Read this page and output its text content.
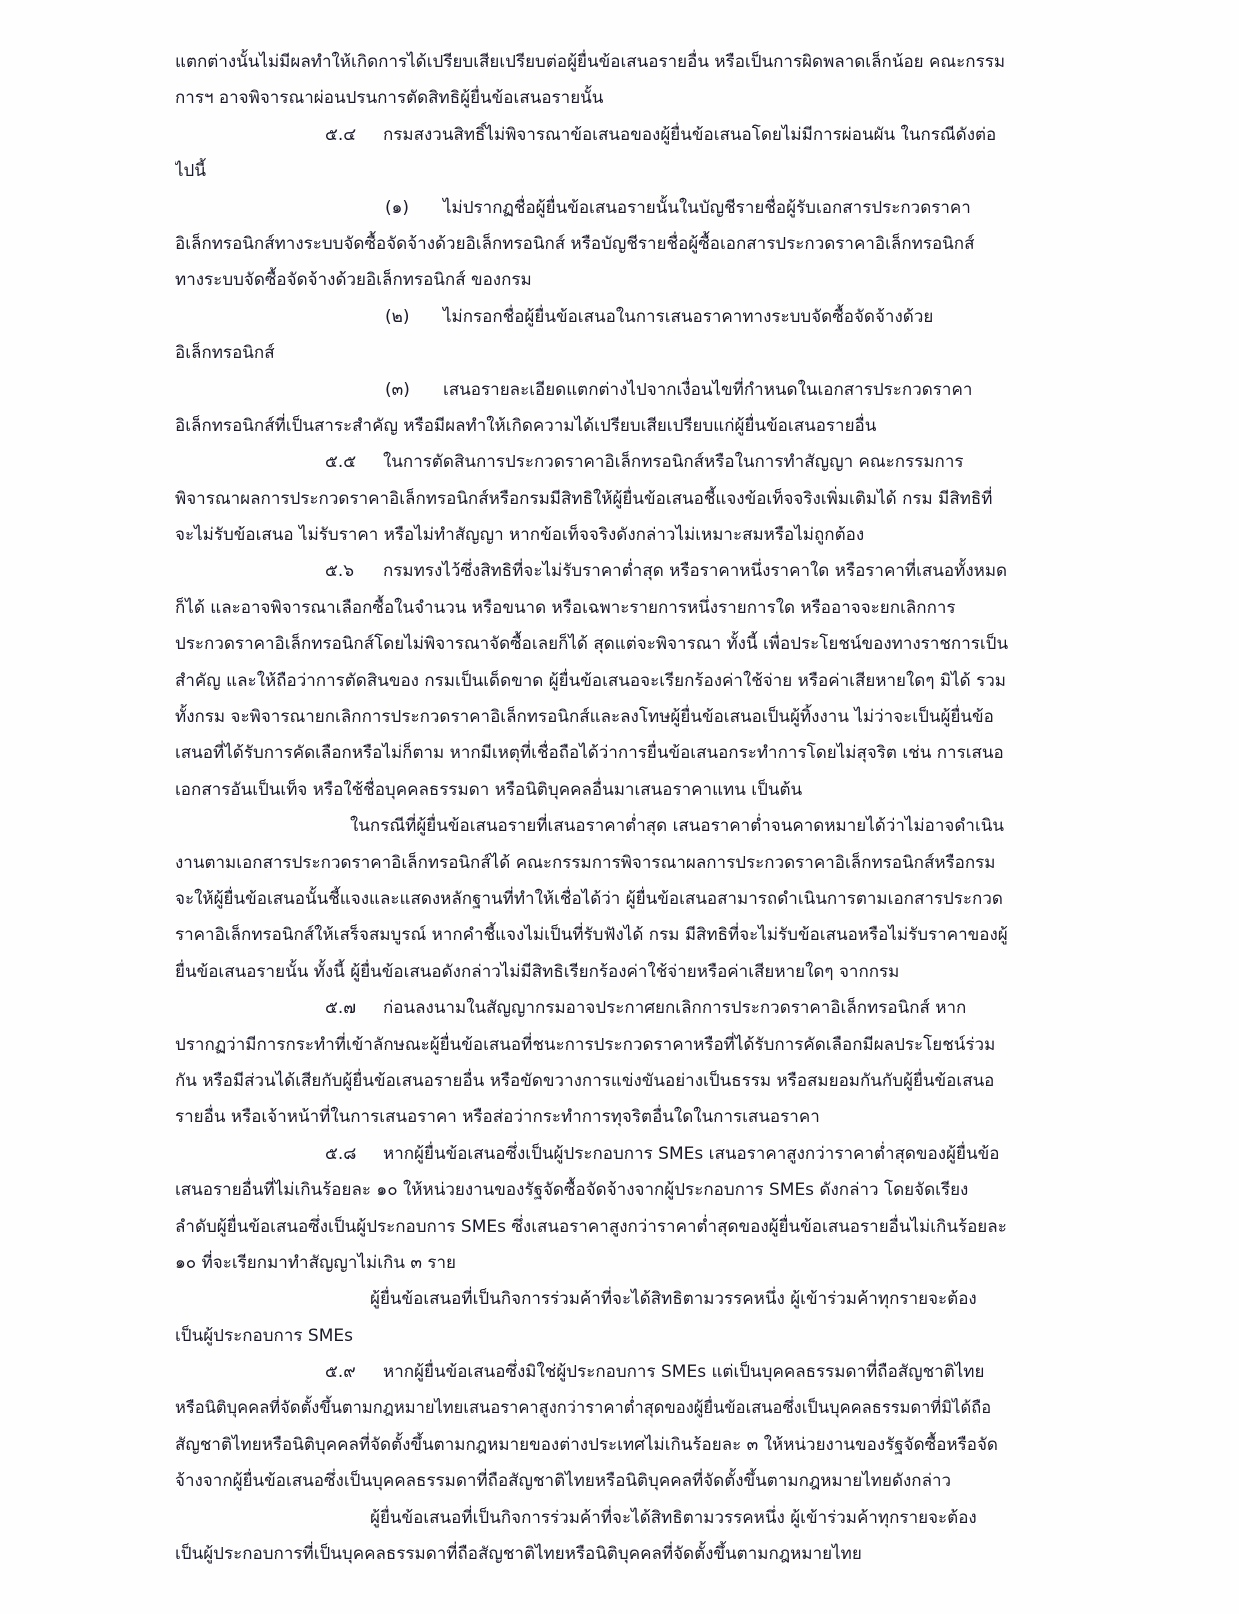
แตกต่างนั้นไม่มีผลทำให้เกิดการได้เปรียบเสียเปรียบต่อผู้ยื่นข้อเสนอรายอื่น หรือเป็นการผิดพลาดเล็กน้อย คณะกรรม
การฯ อาจพิจารณาผ่อนปรนการตัดสิทธิผู้ยื่นข้อเสนอรายนั้น
๕.๔ กรมสงวนสิทธิ์ไม่พิจารณาข้อเสนอของผู้ยื่นข้อเสนอโดยไม่มีการผ่อนผัน ในกรณีดังต่อ
ไปนี้
(๑) ไม่ปรากฏชื่อผู้ยื่นข้อเสนอรายนั้นในบัญชีรายชื่อผู้รับเอกสารประกวดราคา
อิเล็กทรอนิกส์ทางระบบจัดซื้อจัดจ้างด้วยอิเล็กทรอนิกส์ หรือบัญชีรายชื่อผู้ซื้อเอกสารประกวดราคาอิเล็กทรอนิกส์
ทางระบบจัดซื้อจัดจ้างด้วยอิเล็กทรอนิกส์ ของกรม
(๒) ไม่กรอกชื่อผู้ยื่นข้อเสนอในการเสนอราคาทางระบบจัดซื้อจัดจ้างด้วย
อิเล็กทรอนิกส์
(๓) เสนอรายละเอียดแตกต่างไปจากเงื่อนไขที่กำหนดในเอกสารประกวดราคา
อิเล็กทรอนิกส์ที่เป็นสาระสำคัญ หรือมีผลทำให้เกิดความได้เปรียบเสียเปรียบแก่ผู้ยื่นข้อเสนอรายอื่น
๕.๕ ในการตัดสินการประกวดราคาอิเล็กทรอนิกส์หรือในการทำสัญญา คณะกรรมการ
พิจารณาผลการประกวดราคาอิเล็กทรอนิกส์หรือกรมมีสิทธิให้ผู้ยื่นข้อเสนอชี้แจงข้อเท็จจริงเพิ่มเติมได้ กรม มีสิทธิที่
จะไม่รับข้อเสนอ ไม่รับราคา หรือไม่ทำสัญญา หากข้อเท็จจริงดังกล่าวไม่เหมาะสมหรือไม่ถูกต้อง
๕.๖ กรมทรงไว้ซึ่งสิทธิที่จะไม่รับราคาต่ำสุด หรือราคาหนึ่งราคาใด หรือราคาที่เสนอทั้งหมด
ก็ได้ และอาจพิจารณาเลือกซื้อในจำนวน หรือขนาด หรือเฉพาะรายการหนึ่งรายการใด หรืออาจจะยกเลิกการ
ประกวดราคาอิเล็กทรอนิกส์โดยไม่พิจารณาจัดซื้อเลยก็ได้ สุดแต่จะพิจารณา ทั้งนี้ เพื่อประโยชน์ของทางราชการเป็น
สำคัญ และให้ถือว่าการตัดสินของ กรมเป็นเด็ดขาด ผู้ยื่นข้อเสนอจะเรียกร้องค่าใช้จ่าย หรือค่าเสียหายใดๆ มิได้ รวม
ทั้งกรม จะพิจารณายกเลิกการประกวดราคาอิเล็กทรอนิกส์และลงโทษผู้ยื่นข้อเสนอเป็นผู้ทิ้งงาน ไม่ว่าจะเป็นผู้ยื่นข้อ
เสนอที่ได้รับการคัดเลือกหรือไม่ก็ตาม หากมีเหตุที่เชื่อถือได้ว่าการยื่นข้อเสนอกระทำการโดยไม่สุจริต เช่น การเสนอ
เอกสารอันเป็นเท็จ หรือใช้ชื่อบุคคลธรรมดา หรือนิติบุคคลอื่นมาเสนอราคาแทน เป็นต้น
ในกรณีที่ผู้ยื่นข้อเสนอรายที่เสนอราคาต่ำสุด เสนอราคาต่ำจนคาดหมายได้ว่าไม่อาจดำเนิน
งานตามเอกสารประกวดราคาอิเล็กทรอนิกส์ได้ คณะกรรมการพิจารณาผลการประกวดราคาอิเล็กทรอนิกส์หรือกรม
จะให้ผู้ยื่นข้อเสนอนั้นชี้แจงและแสดงหลักฐานที่ทำให้เชื่อได้ว่า ผู้ยื่นข้อเสนอสามารถดำเนินการตามเอกสารประกวด
ราคาอิเล็กทรอนิกส์ให้เสร็จสมบูรณ์ หากคำชี้แจงไม่เป็นที่รับฟังได้ กรม มีสิทธิที่จะไม่รับข้อเสนอหรือไม่รับราคาของผู้
ยื่นข้อเสนอรายนั้น ทั้งนี้ ผู้ยื่นข้อเสนอดังกล่าวไม่มีสิทธิเรียกร้องค่าใช้จ่ายหรือค่าเสียหายใดๆ จากกรม
๕.๗ ก่อนลงนามในสัญญากรมอาจประกาศยกเลิกการประกวดราคาอิเล็กทรอนิกส์ หาก
ปรากฏว่ามีการกระทำที่เข้าลักษณะผู้ยื่นข้อเสนอที่ชนะการประกวดราคาหรือที่ได้รับการคัดเลือกมีผลประโยชน์ร่วม
กัน หรือมีส่วนได้เสียกับผู้ยื่นข้อเสนอรายอื่น หรือขัดขวางการแข่งขันอย่างเป็นธรรม หรือสมยอมกันกับผู้ยื่นข้อเสนอ
รายอื่น หรือเจ้าหน้าที่ในการเสนอราคา หรือส่อว่ากระทำการทุจริตอื่นใดในการเสนอราคา
๕.๘ หากผู้ยื่นข้อเสนอซึ่งเป็นผู้ประกอบการ SMEs เสนอราคาสูงกว่าราคาต่ำสุดของผู้ยื่นข้อ
เสนอรายอื่นที่ไม่เกินร้อยละ ๑๐ ให้หน่วยงานของรัฐจัดซื้อจัดจ้างจากผู้ประกอบการ SMEs ดังกล่าว โดยจัดเรียง
ลำดับผู้ยื่นข้อเสนอซึ่งเป็นผู้ประกอบการ SMEs ซึ่งเสนอราคาสูงกว่าราคาต่ำสุดของผู้ยื่นข้อเสนอรายอื่นไม่เกินร้อยละ
๑๐ ที่จะเรียกมาทำสัญญาไม่เกิน ๓ ราย
ผู้ยื่นข้อเสนอที่เป็นกิจการร่วมค้าที่จะได้สิทธิตามวรรคหนึ่ง ผู้เข้าร่วมค้าทุกรายจะต้อง
เป็นผู้ประกอบการ SMEs
๕.๙ หากผู้ยื่นข้อเสนอซึ่งมิใช่ผู้ประกอบการ SMEs แต่เป็นบุคคลธรรมดาที่ถือสัญชาติไทย
หรือนิติบุคคลที่จัดตั้งขึ้นตามกฎหมายไทยเสนอราคาสูงกว่าราคาต่ำสุดของผู้ยื่นข้อเสนอซึ่งเป็นบุคคลธรรมดาที่มิได้ถือ
สัญชาติไทยหรือนิติบุคคลที่จัดตั้งขึ้นตามกฎหมายของต่างประเทศไม่เกินร้อยละ ๓ ให้หน่วยงานของรัฐจัดซื้อหรือจัด
จ้างจากผู้ยื่นข้อเสนอซึ่งเป็นบุคคลธรรมดาที่ถือสัญชาติไทยหรือนิติบุคคลที่จัดตั้งขึ้นตามกฎหมายไทยดังกล่าว
ผู้ยื่นข้อเสนอที่เป็นกิจการร่วมค้าที่จะได้สิทธิตามวรรคหนึ่ง ผู้เข้าร่วมค้าทุกรายจะต้อง
เป็นผู้ประกอบการที่เป็นบุคคลธรรมดาที่ถือสัญชาติไทยหรือนิติบุคคลที่จัดตั้งขึ้นตามกฎหมายไทย
